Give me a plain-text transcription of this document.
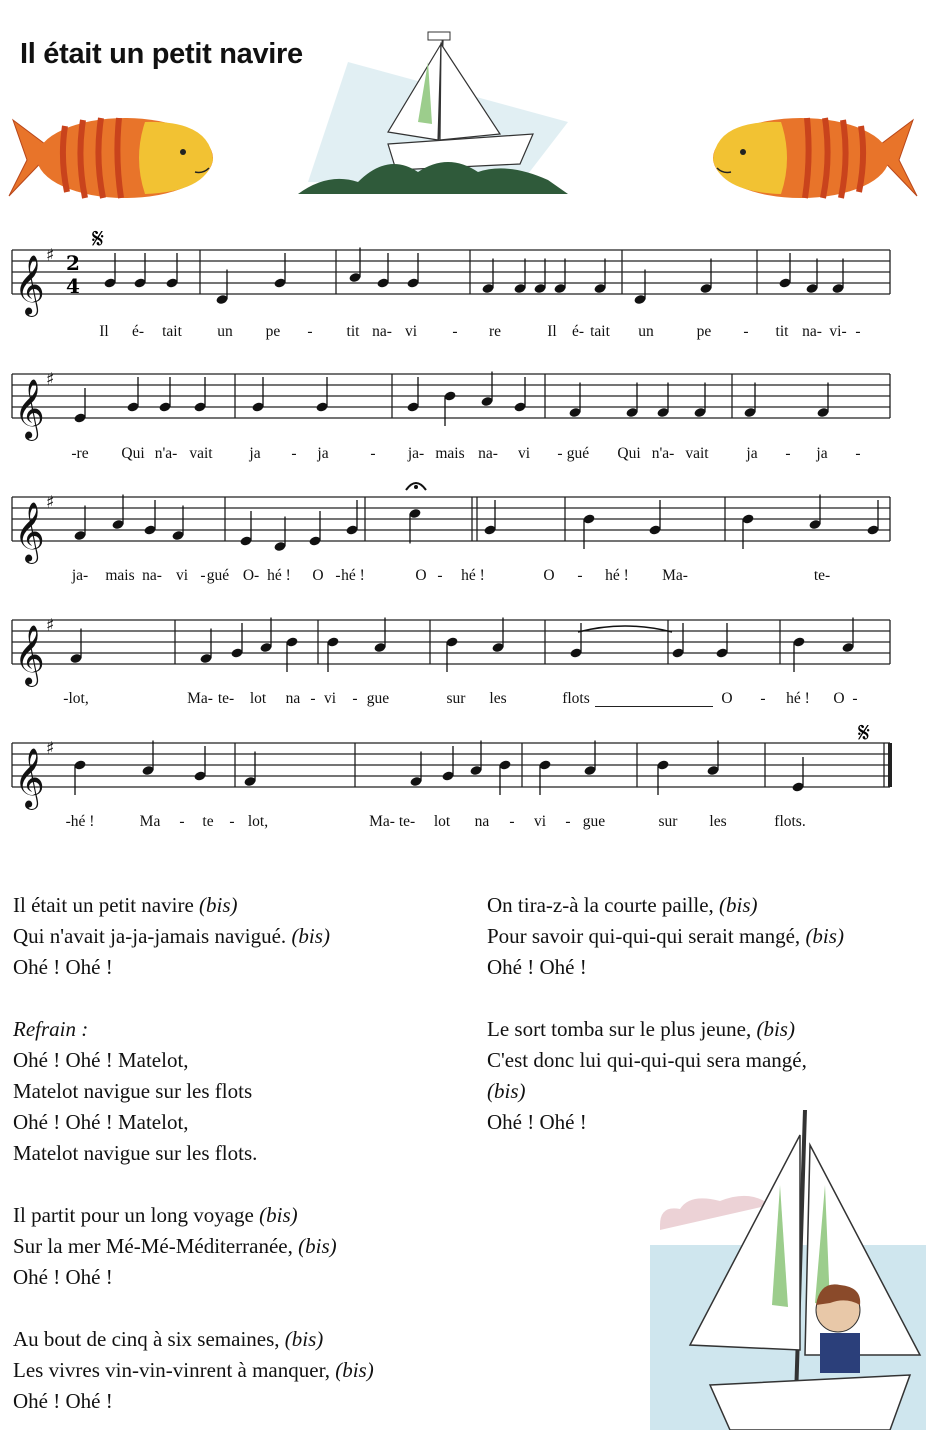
Il était un petit navire
𝄞 ♯
𝄞 ♯
𝄞 ♯
𝄞 ♯
𝄞 ♯
2
4
𝄋
𝄋
Il é- tait un pe - tit na- vi - re	Il é- tait un	pe - tit na- vi- -
-re Qui n'a- vait ja - ja	- ja- mais na- vi - gué Qui n'a- vait ja - ja -
ja- mais na- vi - gué O- hé ! O - hé !	O - hé !	O - hé ! Ma-	te-
-lot,	Ma- te- lot na - vi - gue	sur les	flots	O - hé ! O -
-hé !	Ma - te - lot,	Ma- te- lot na - vi - gue	sur les	flots.
Il était un petit navire (bis)
Qui n'avait ja-ja-jamais navigué. (bis)
Ohé ! Ohé !
Refrain :
Ohé ! Ohé ! Matelot,
Matelot navigue sur les flots
Ohé ! Ohé ! Matelot,
Matelot navigue sur les flots.
Il partit pour un long voyage (bis)
Sur la mer Mé-Mé-Méditerranée, (bis)
Ohé ! Ohé !
Au bout de cinq à six semaines, (bis)
Les vivres vin-vin-vinrent à manquer, (bis)
Ohé ! Ohé !
On tira-z-à la courte paille, (bis)
Pour savoir qui-qui-qui serait mangé, (bis)
Ohé ! Ohé !
Le sort tomba sur le plus jeune, (bis)
C'est donc lui qui-qui-qui sera mangé,
(bis)
Ohé ! Ohé !
